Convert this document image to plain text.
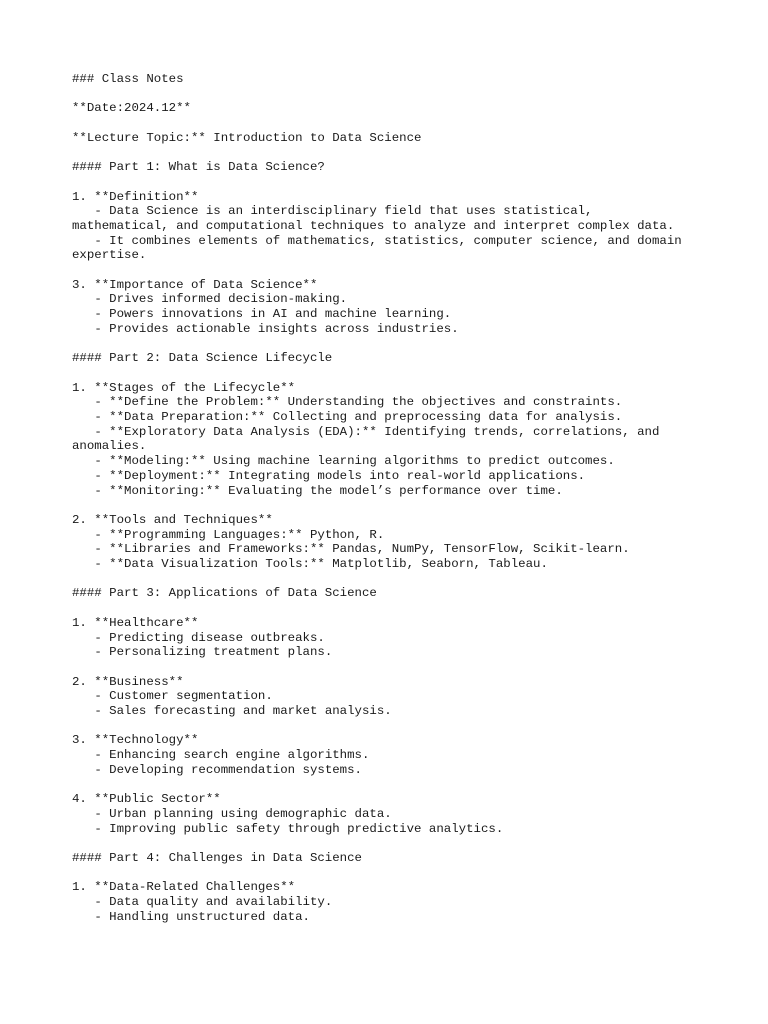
### Class Notes
**Date:2024.12**
**Lecture Topic:** Introduction to Data Science
#### Part 1: What is Data Science?
1. **Definition**
- Data Science is an interdisciplinary field that uses statistical,
mathematical, and computational techniques to analyze and interpret complex data.
- It combines elements of mathematics, statistics, computer science, and domain
expertise.
3. **Importance of Data Science**
- Drives informed decision-making.
- Powers innovations in AI and machine learning.
- Provides actionable insights across industries.
#### Part 2: Data Science Lifecycle
1. **Stages of the Lifecycle**
- **Define the Problem:** Understanding the objectives and constraints.
- **Data Preparation:** Collecting and preprocessing data for analysis.
- **Exploratory Data Analysis (EDA):** Identifying trends, correlations, and
anomalies.
- **Modeling:** Using machine learning algorithms to predict outcomes.
- **Deployment:** Integrating models into real-world applications.
- **Monitoring:** Evaluating the model’s performance over time.
2. **Tools and Techniques**
- **Programming Languages:** Python, R.
- **Libraries and Frameworks:** Pandas, NumPy, TensorFlow, Scikit-learn.
- **Data Visualization Tools:** Matplotlib, Seaborn, Tableau.
#### Part 3: Applications of Data Science
1. **Healthcare**
- Predicting disease outbreaks.
- Personalizing treatment plans.
2. **Business**
- Customer segmentation.
- Sales forecasting and market analysis.
3. **Technology**
- Enhancing search engine algorithms.
- Developing recommendation systems.
4. **Public Sector**
- Urban planning using demographic data.
- Improving public safety through predictive analytics.
#### Part 4: Challenges in Data Science
1. **Data-Related Challenges**
- Data quality and availability.
- Handling unstructured data.
